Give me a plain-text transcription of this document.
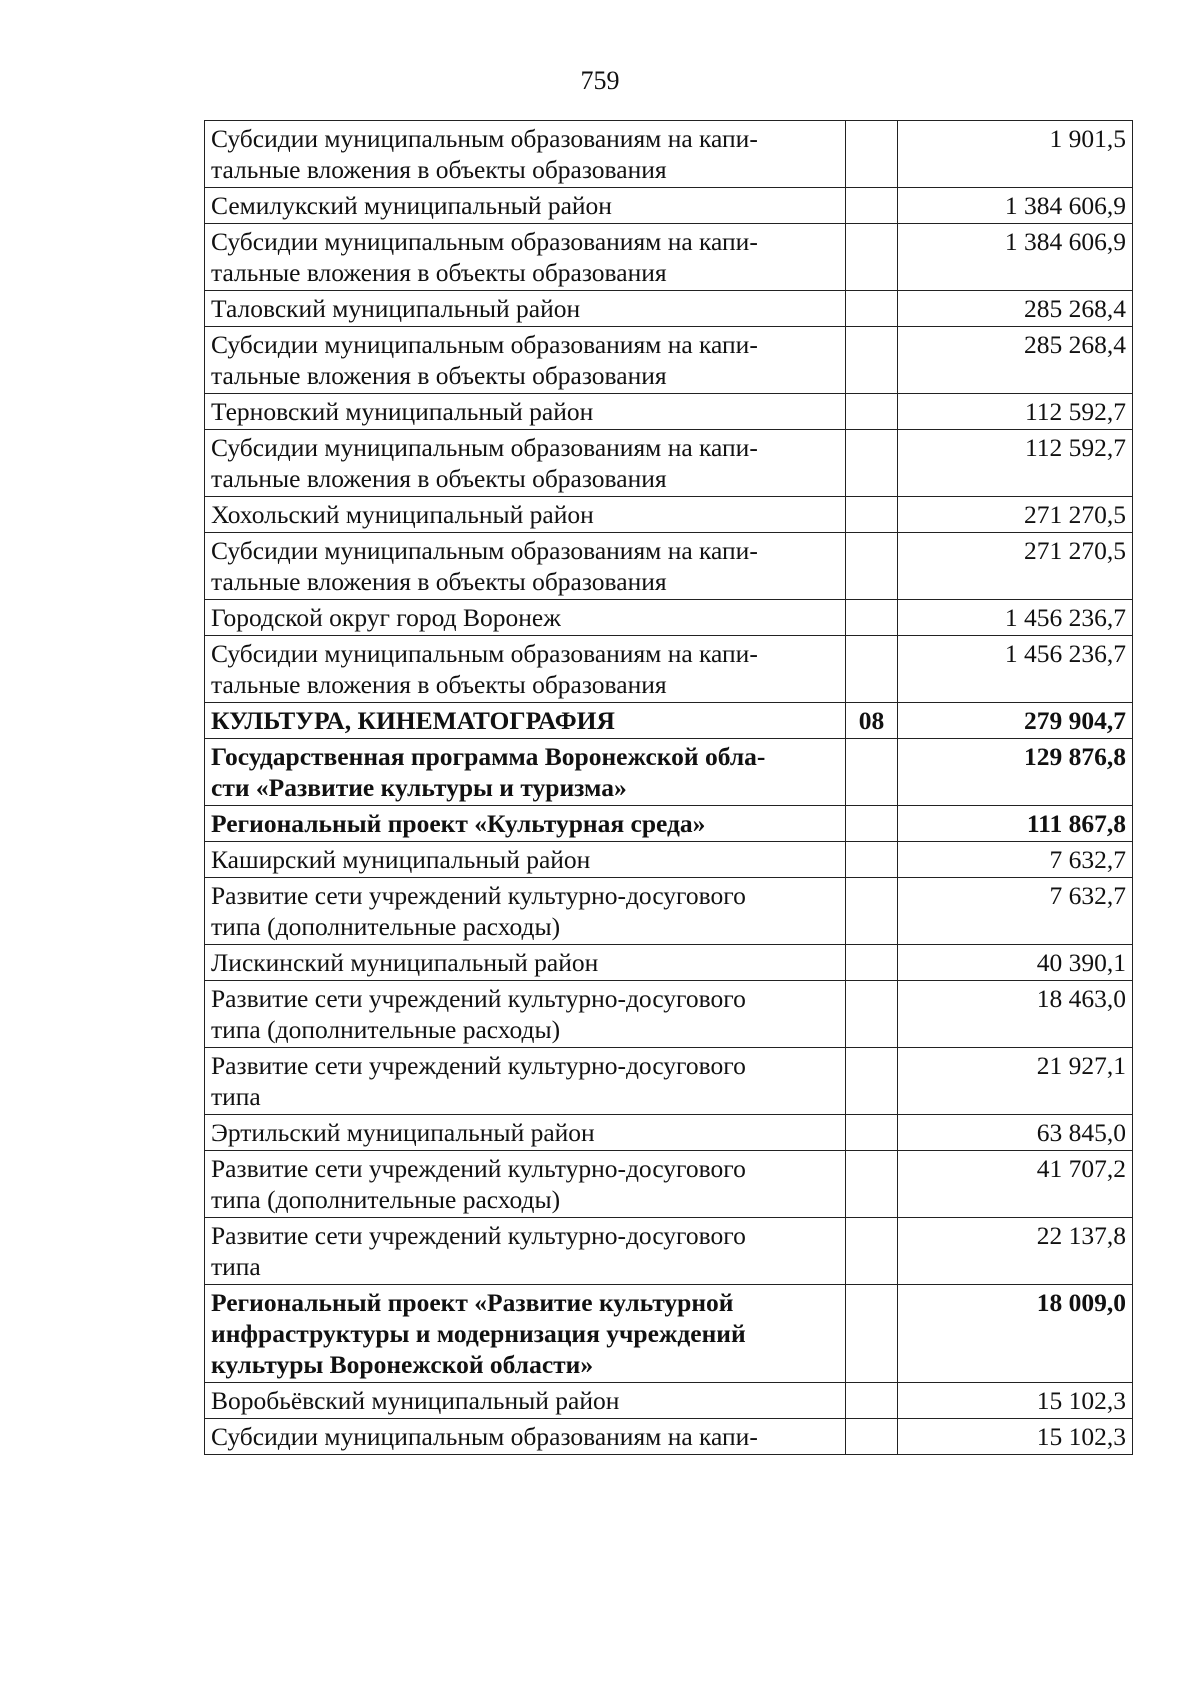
759
Субсидии муниципальным образованиям на капи-
тальные вложения в объекты образования		1 901,5
Семилукский муниципальный район		1 384 606,9
Субсидии муниципальным образованиям на капи-
тальные вложения в объекты образования		1 384 606,9
Таловский муниципальный район		285 268,4
Субсидии муниципальным образованиям на капи-
тальные вложения в объекты образования		285 268,4
Терновский муниципальный район		112 592,7
Субсидии муниципальным образованиям на капи-
тальные вложения в объекты образования		112 592,7
Хохольский муниципальный район		271 270,5
Субсидии муниципальным образованиям на капи-
тальные вложения в объекты образования		271 270,5
Городской округ город Воронеж		1 456 236,7
Субсидии муниципальным образованиям на капи-
тальные вложения в объекты образования		1 456 236,7
КУЛЬТУРА, КИНЕМАТОГРАФИЯ	08	279 904,7
Государственная программа Воронежской обла-
сти «Развитие культуры и туризма»		129 876,8
Региональный проект «Культурная среда»		111 867,8
Каширский муниципальный район		7 632,7
Развитие сети учреждений культурно-досугового
типа (дополнительные расходы)		7 632,7
Лискинский муниципальный район		40 390,1
Развитие сети учреждений культурно-досугового
типа (дополнительные расходы)		18 463,0
Развитие сети учреждений культурно-досугового
типа		21 927,1
Эртильский муниципальный район		63 845,0
Развитие сети учреждений культурно-досугового
типа (дополнительные расходы)		41 707,2
Развитие сети учреждений культурно-досугового
типа		22 137,8
Региональный проект «Развитие культурной
инфраструктуры и модернизация учреждений
культуры Воронежской области»		18 009,0
Воробьёвский муниципальный район		15 102,3
Субсидии муниципальным образованиям на капи-		15 102,3
